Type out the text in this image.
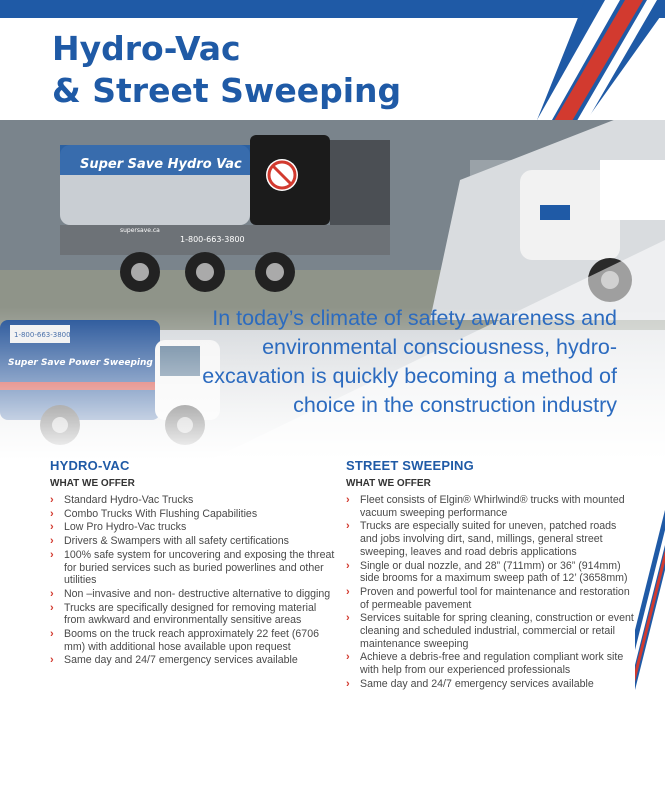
Hydro-Vac
& Street Sweeping

In today’s climate of safety awareness and environmental consciousness, hydro-excavation is quickly becoming a method of choice in the construction industry

HYDRO-VAC
WHAT WE OFFER
› Standard Hydro-Vac Trucks
› Combo Trucks With Flushing Capabilities
› Low Pro Hydro-Vac trucks
› Drivers & Swampers with all safety certifications
› 100% safe system for uncovering and exposing the threat for buried services such as buried powerlines and other utilities
› Non –invasive and non- destructive alternative to digging
› Trucks are specifically designed for removing material from awkward and environmentally sensitive areas
› Booms on the truck reach approximately 22 feet (6706 mm) with additional hose available upon request
› Same day and 24/7 emergency services available
STREET SWEEPING
WHAT WE OFFER
› Fleet consists of Elgin® Whirlwind® trucks with mounted vacuum sweeping performance
› Trucks are especially suited for uneven, patched roads and jobs involving dirt, sand, millings, general street sweeping, leaves and road debris applications
› Single or dual nozzle, and 28” (711mm) or 36” (914mm) side brooms for a maximum sweep path of 12’ (3658mm)
› Proven and powerful tool for maintenance and restoration of permeable pavement
› Services suitable for spring cleaning, construction or event cleaning and scheduled industrial, commercial or retail maintenance sweeping
› Achieve a debris-free and regulation compliant work site with help from our experienced professionals
› Same day and 24/7 emergency services available
